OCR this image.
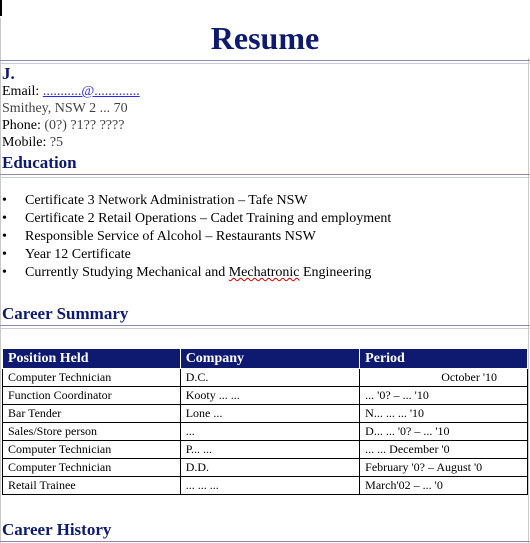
Resume
J.
Email: ...........@.............
Smithey, NSW 2 ... 70
Phone: (0?) ?1?? ????
Mobile: ?5
Education
• Certificate 3 Network Administration – Tafe NSW
• Certificate 2 Retail Operations – Cadet Training and employment
• Responsible Service of Alcohol – Restaurants NSW
• Year 12 Certificate
• Currently Studying Mechanical and Mechatronic Engineering
Career Summary
Position Held	Company	Period
Computer Technician	D.C.	October '10

Function Coordinator	Kooty ... ...	... '0? – ... '10
Bar Tender	Lone ...	N... ... ... '10
Sales/Store person	...	D... ... '0? – ... '10
Computer Technician	P... ...	... ... December '0
Computer Technician	D.D.	February '0? – August '0
Retail Trainee	... ... ...	March'02 – ... '0
Career History
